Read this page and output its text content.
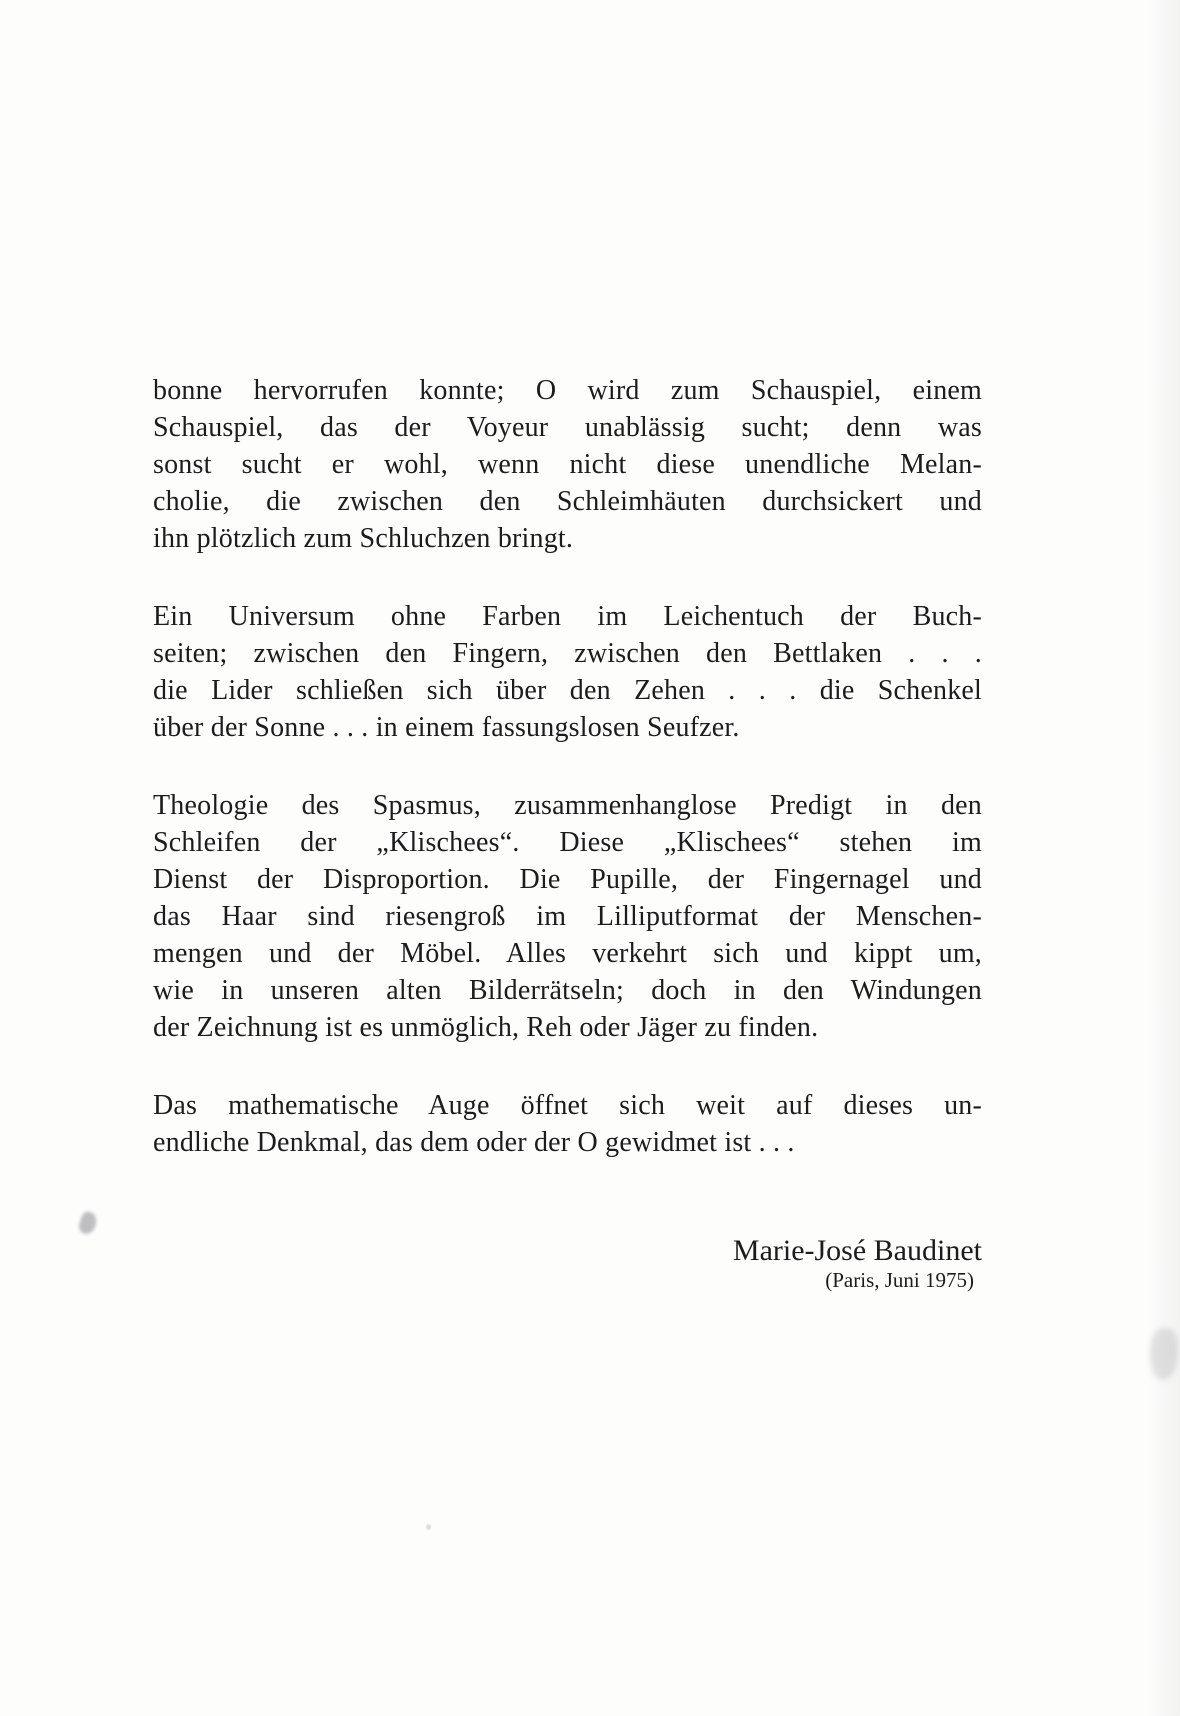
bonne hervorrufen konnte; O wird zum Schauspiel, einem
Schauspiel, das der Voyeur unablässig sucht; denn was
sonst sucht er wohl, wenn nicht diese unendliche Melan-
cholie, die zwischen den Schleimhäuten durchsickert und
ihn plötzlich zum Schluchzen bringt.
Ein Universum ohne Farben im Leichentuch der Buch-
seiten; zwischen den Fingern, zwischen den Bettlaken . . .
die Lider schließen sich über den Zehen . . . die Schenkel
über der Sonne . . . in einem fassungslosen Seufzer.
Theologie des Spasmus, zusammenhanglose Predigt in den
Schleifen der „Klischees“. Diese „Klischees“ stehen im
Dienst der Disproportion. Die Pupille, der Fingernagel und
das Haar sind riesengroß im Lilliputformat der Menschen-
mengen und der Möbel. Alles verkehrt sich und kippt um,
wie in unseren alten Bilderrätseln; doch in den Windungen
der Zeichnung ist es unmöglich, Reh oder Jäger zu finden.
Das mathematische Auge öffnet sich weit auf dieses un-
endliche Denkmal, das dem oder der O gewidmet ist . . .
Marie-José Baudinet
(Paris, Juni 1975)
